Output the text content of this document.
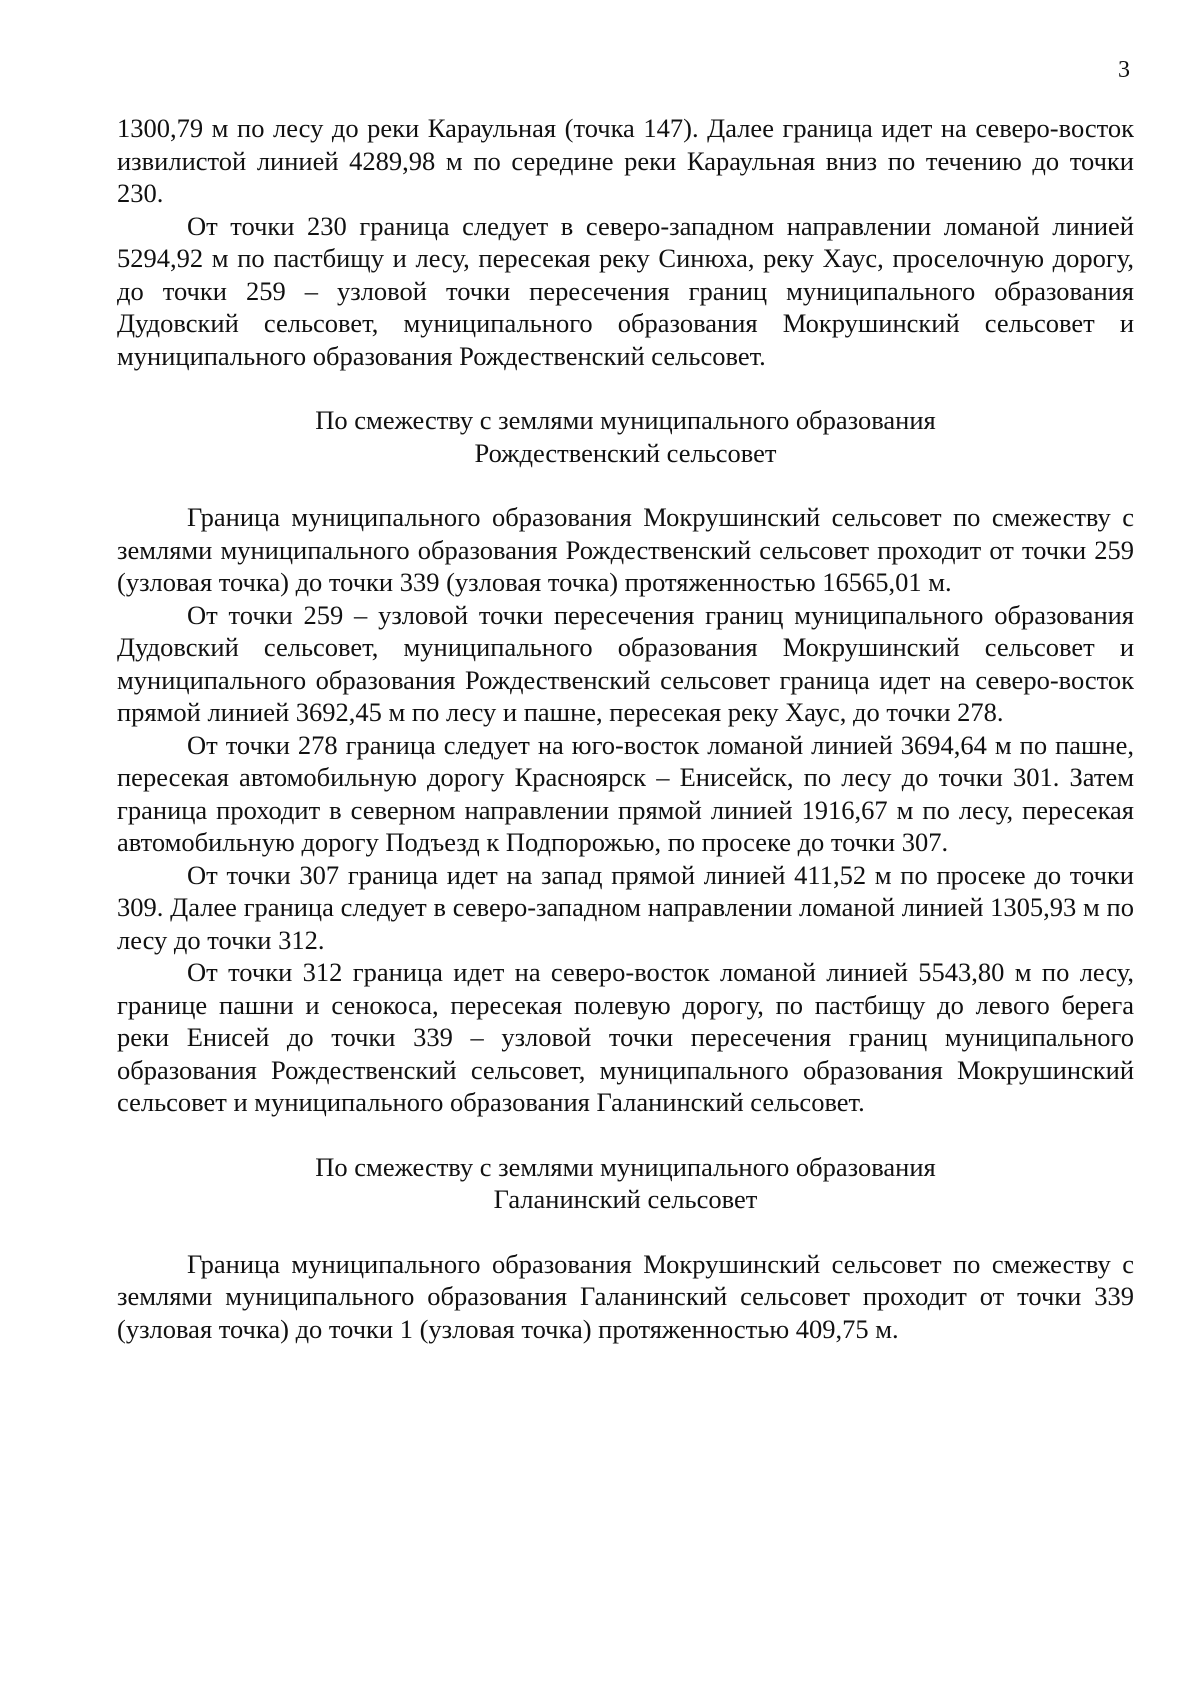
3

1300,79 м по лесу до реки Караульная (точка 147). Далее граница идет на северо-восток извилистой линией 4289,98 м по середине реки Караульная вниз по течению до точки 230.

От точки 230 граница следует в северо-западном направлении ломаной линией 5294,92 м по пастбищу и лесу, пересекая реку Синюха, реку Хаус, проселочную дорогу, до точки 259 – узловой точки пересечения границ муниципального образования Дудовский сельсовет, муниципального образования Мокрушинский сельсовет и муниципального образования Рождественский сельсовет.

По смежеству с землями муниципального образования
Рождественский сельсовет

Граница муниципального образования Мокрушинский сельсовет по смежеству с землями муниципального образования Рождественский сельсовет проходит от точки 259 (узловая точка) до точки 339 (узловая точка) протяженностью 16565,01 м.

От точки 259 – узловой точки пересечения границ муниципального образования Дудовский сельсовет, муниципального образования Мокрушинский сельсовет и муниципального образования Рождественский сельсовет граница идет на северо-восток прямой линией 3692,45 м по лесу и пашне, пересекая реку Хаус, до точки 278.

От точки 278 граница следует на юго-восток ломаной линией 3694,64 м по пашне, пересекая автомобильную дорогу Красноярск – Енисейск, по лесу до точки 301. Затем граница проходит в северном направлении прямой линией 1916,67 м по лесу, пересекая автомобильную дорогу Подъезд к Подпорожью, по просеке до точки 307.

От точки 307 граница идет на запад прямой линией 411,52 м по просеке до точки 309. Далее граница следует в северо-западном направлении ломаной линией 1305,93 м по лесу до точки 312.

От точки 312 граница идет на северо-восток ломаной линией 5543,80 м по лесу, границе пашни и сенокоса, пересекая полевую дорогу, по пастбищу до левого берега реки Енисей до точки 339 – узловой точки пересечения границ муниципального образования Рождественский сельсовет, муниципального образования Мокрушинский сельсовет и муниципального образования Галанинский сельсовет.

По смежеству с землями муниципального образования
Галанинский сельсовет

Граница муниципального образования Мокрушинский сельсовет по смежеству с землями муниципального образования Галанинский сельсовет проходит от точки 339 (узловая точка) до точки 1 (узловая точка) протяженностью 409,75 м.
